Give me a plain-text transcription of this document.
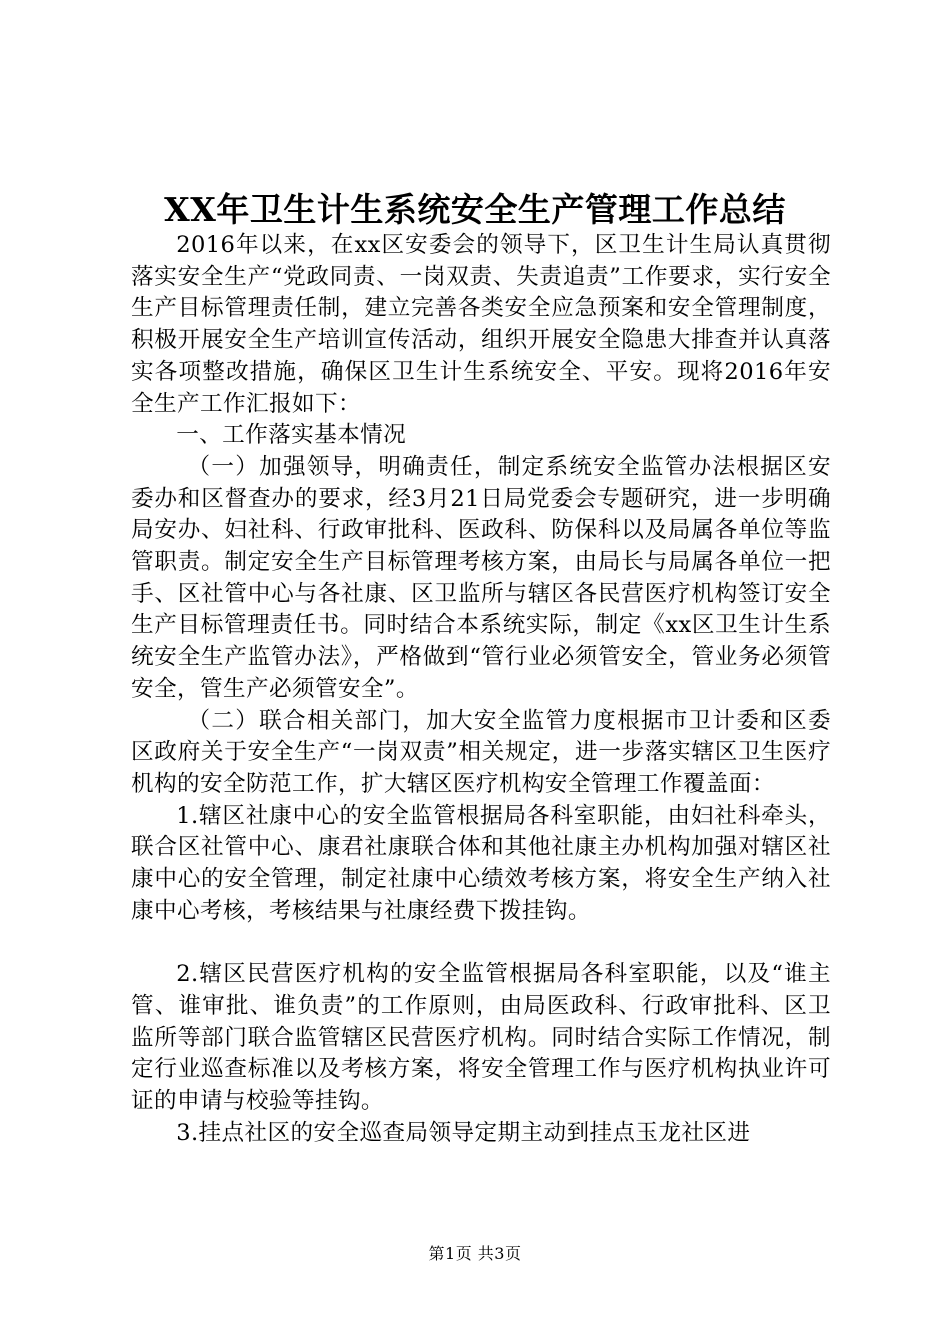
XX年卫生计生系统安全生产管理工作总结

2016年以来，在xx区安委会的领导下，区卫生计生局认真贯彻落实安全生产“党政同责、一岗双责、失责追责”工作要求，实行安全生产目标管理责任制，建立完善各类安全应急预案和安全管理制度，积极开展安全生产培训宣传活动，组织开展安全隐患大排查并认真落实各项整改措施，确保区卫生计生系统安全、平安。现将2016年安全生产工作汇报如下：

一、工作落实基本情况

（一）加强领导，明确责任，制定系统安全监管办法根据区安委办和区督查办的要求，经3月21日局党委会专题研究，进一步明确局安办、妇社科、行政审批科、医政科、防保科以及局属各单位等监管职责。制定安全生产目标管理考核方案，由局长与局属各单位一把手、区社管中心与各社康、区卫监所与辖区各民营医疗机构签订安全生产目标管理责任书。同时结合本系统实际，制定《xx区卫生计生系统安全生产监管办法》，严格做到“管行业必须管安全，管业务必须管安全，管生产必须管安全”。

（二）联合相关部门，加大安全监管力度根据市卫计委和区委区政府关于安全生产“一岗双责”相关规定，进一步落实辖区卫生医疗机构的安全防范工作，扩大辖区医疗机构安全管理工作覆盖面：

1.辖区社康中心的安全监管根据局各科室职能，由妇社科牵头，联合区社管中心、康君社康联合体和其他社康主办机构加强对辖区社康中心的安全管理，制定社康中心绩效考核方案，将安全生产纳入社康中心考核，考核结果与社康经费下拨挂钩。

2.辖区民营医疗机构的安全监管根据局各科室职能，以及“谁主管、谁审批、谁负责”的工作原则，由局医政科、行政审批科、区卫监所等部门联合监管辖区民营医疗机构。同时结合实际工作情况，制定行业巡查标准以及考核方案，将安全管理工作与医疗机构执业许可证的申请与校验等挂钩。

3.挂点社区的安全巡查局领导定期主动到挂点玉龙社区进

第1页 共3页
